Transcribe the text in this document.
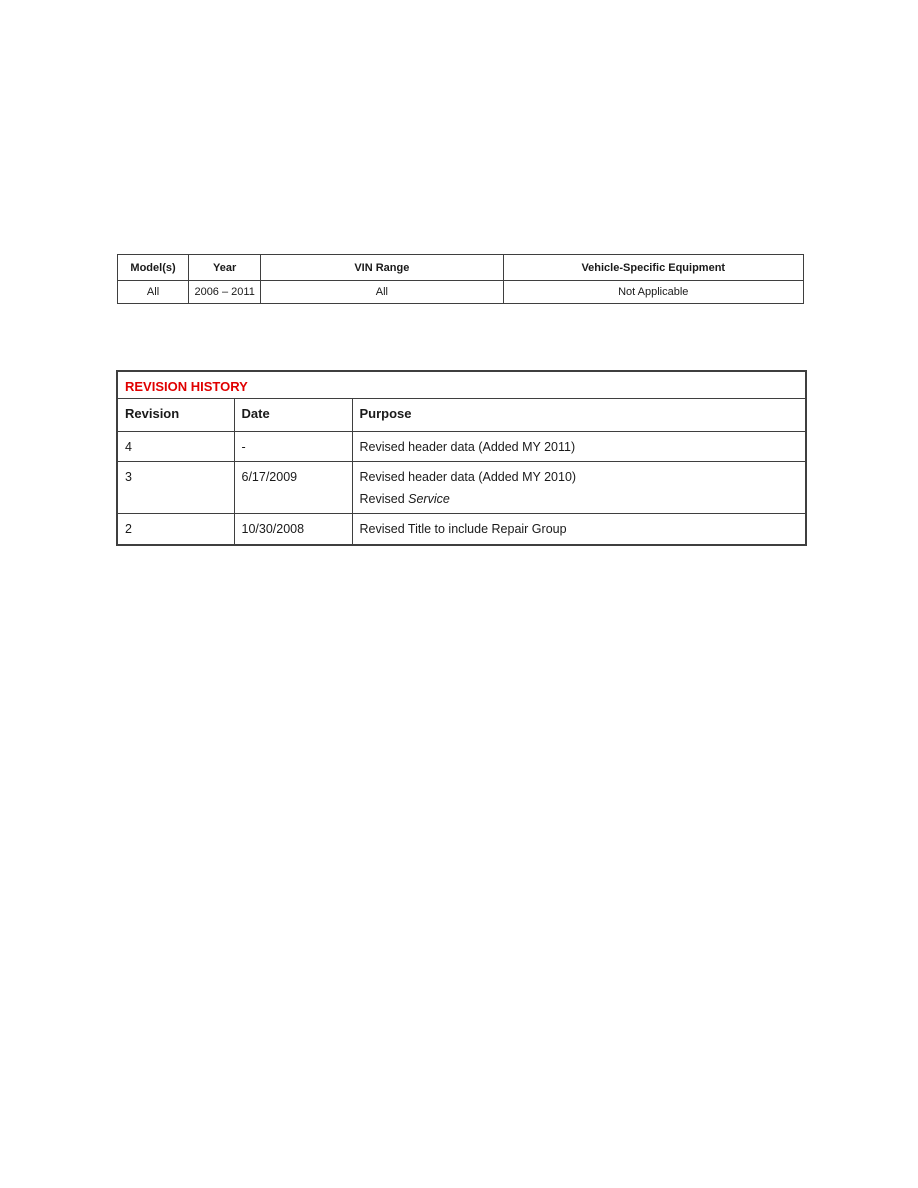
Model(s)	Year	VIN Range	Vehicle-Specific Equipment
All	2006 – 2011	All	Not Applicable
REVISION HISTORY		
Revision	Date	Purpose
4	-	Revised header data (Added MY 2011)
3	6/17/2009	Revised header data (Added MY 2010)
Revised Service

2	10/30/2008	Revised Title to include Repair Group
